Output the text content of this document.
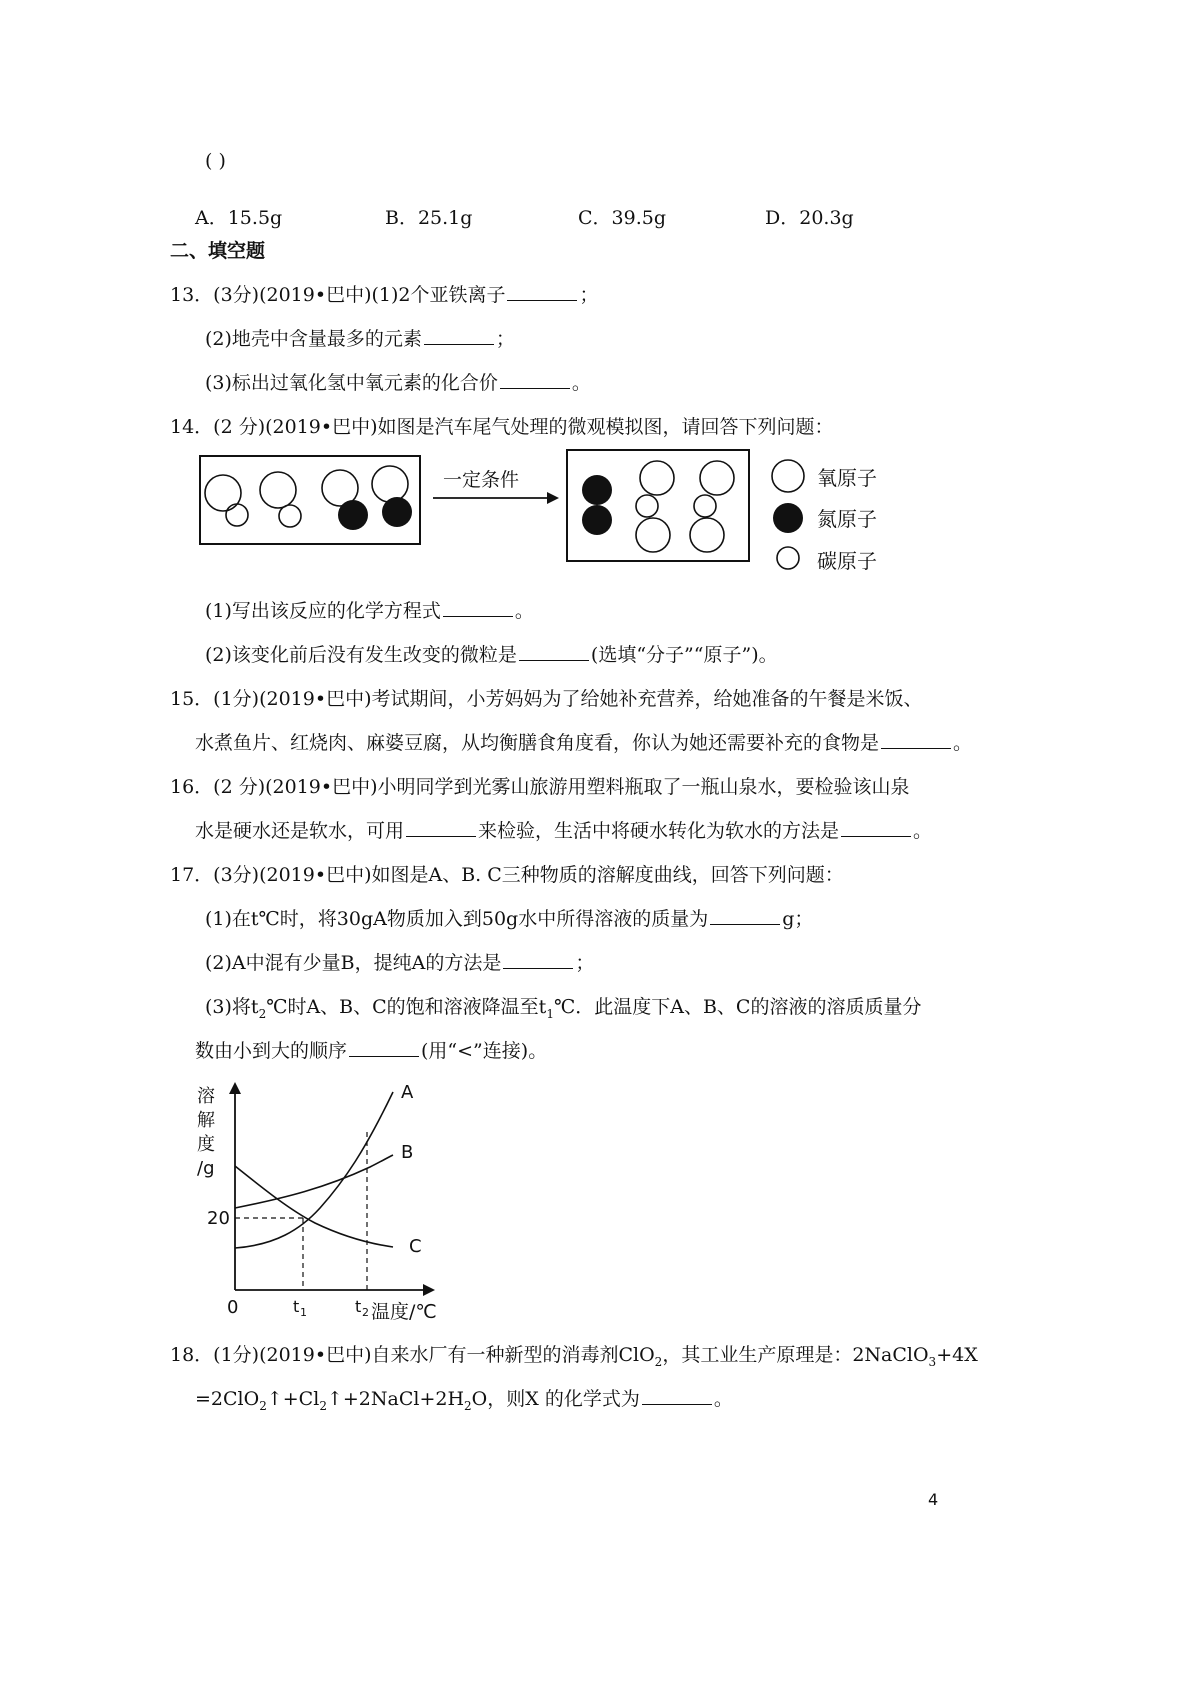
( )
A．15.5g	B．25.1g	C．39.5g	D．20.3g
二、填空题
13．(3分)(2019•巴中)(1)2个亚铁离子	；
(2)地壳中含量最多的元素	；
(3)标出过氧化氢中氧元素的化合价	。
14．(2 分)(2019•巴中)如图是汽车尾气处理的微观模拟图，请回答下列问题：
一定条件	氧原子
氮原子
碳原子
(1)写出该反应的化学方程式	。
(2)该变化前后没有发生改变的微粒是	(选填“分子”“原子”)。
15．(1分)(2019•巴中)考试期间，小芳妈妈为了给她补充营养，给她准备的午餐是米饭、
水煮鱼片、红烧肉、麻婆豆腐，从均衡膳食角度看，你认为她还需要补充的食物是	。
16．(2 分)(2019•巴中)小明同学到光雾山旅游用塑料瓶取了一瓶山泉水，要检验该山泉
水是硬水还是软水，可用	来检验，生活中将硬水转化为软水的方法是	。
17．(3分)(2019•巴中)如图是A、B. C三种物质的溶解度曲线，回答下列问题：
(1)在t℃时，将30gA物质加入到50g水中所得溶液的质量为	g；
(2)A中混有少量B，提纯A的方法是	；
(3)将$t_2℃$时A、B、C的饱和溶液降温至$t_1℃$．此温度下A、B、C的溶液的溶质质量分
数由小到大的顺序	(用“<”连接)。
溶
解
度
/g
A
B
C
20
0	t 1	t 2 温度/℃
18．(1分)(2019•巴中)自来水厂有一种新型的消毒剂ClO$_2$，其工业生产原理是：2NaClO$_3$+4X
$=2ClO_2↑+Cl_2↑+2NaCl+2H_2O$，则X 的化学式为	。
4
